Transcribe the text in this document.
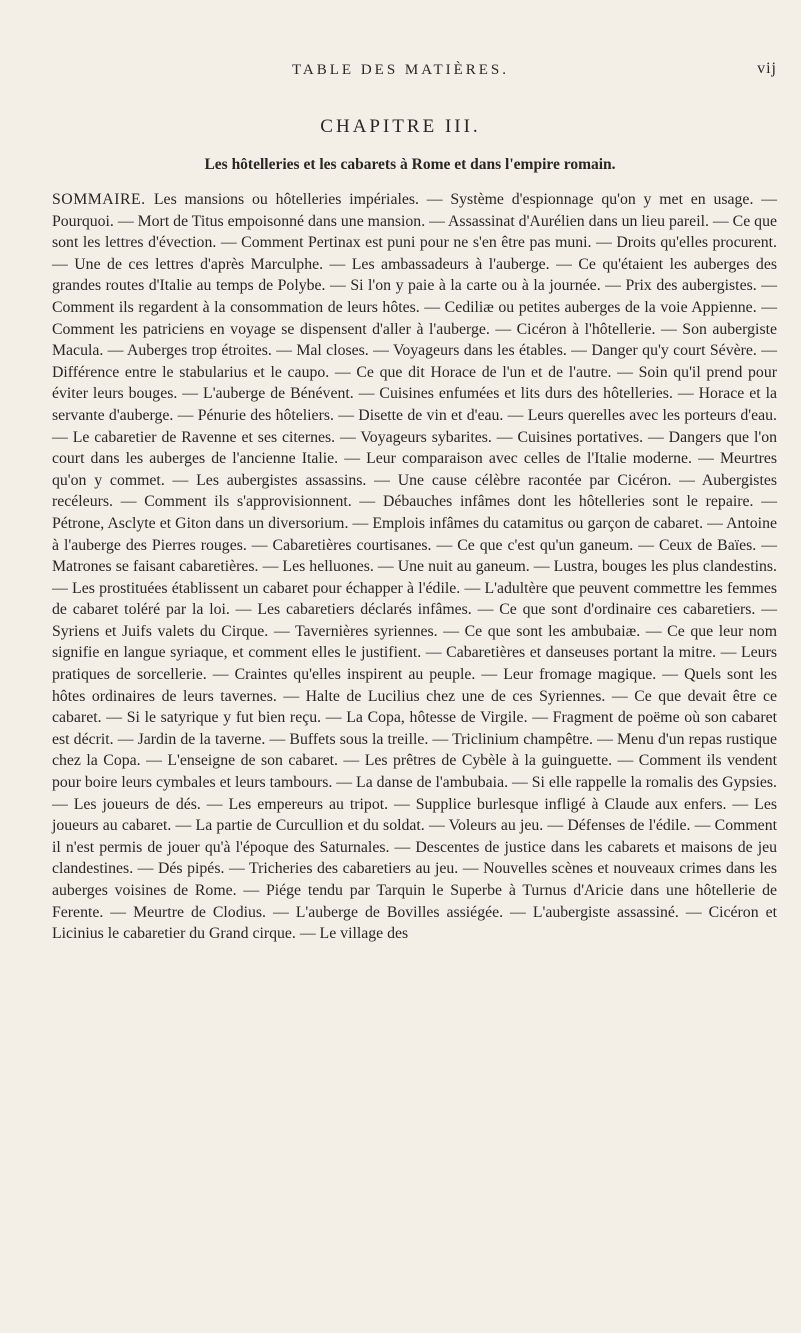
TABLE DES MATIÈRES.	vij
CHAPITRE III.
Les hôtelleries et les cabarets à Rome et dans l'empire romain.
SOMMAIRE. Les mansions ou hôtelleries impériales. — Système d'espionnage qu'on y met en usage. — Pourquoi. — Mort de Titus empoisonné dans une mansion. — Assassinat d'Aurélien dans un lieu pareil. — Ce que sont les lettres d'évection. — Comment Pertinax est puni pour ne s'en être pas muni. — Droits qu'elles procurent. — Une de ces lettres d'après Marculphe. — Les ambassadeurs à l'auberge. — Ce qu'étaient les auberges des grandes routes d'Italie au temps de Polybe. — Si l'on y paie à la carte ou à la journée. — Prix des aubergistes. — Comment ils regardent à la consommation de leurs hôtes. — Cediliæ ou petites auberges de la voie Appienne. — Comment les patriciens en voyage se dispensent d'aller à l'auberge. — Cicéron à l'hôtellerie. — Son aubergiste Macula. — Auberges trop étroites. — Mal closes. — Voyageurs dans les étables. — Danger qu'y court Sévère. — Différence entre le stabularius et le caupo. — Ce que dit Horace de l'un et de l'autre. — Soin qu'il prend pour éviter leurs bouges. — L'auberge de Bénévent. — Cuisines enfumées et lits durs des hôtelleries. — Horace et la servante d'auberge. — Pénurie des hôteliers. — Disette de vin et d'eau. — Leurs querelles avec les porteurs d'eau. — Le cabaretier de Ravenne et ses citernes. — Voyageurs sybarites. — Cuisines portatives. — Dangers que l'on court dans les auberges de l'ancienne Italie. — Leur comparaison avec celles de l'Italie moderne. — Meurtres qu'on y commet. — Les aubergistes assassins. — Une cause célèbre racontée par Cicéron. — Aubergistes recéleurs. — Comment ils s'approvisionnent. — Débauches infâmes dont les hôtelleries sont le repaire. — Pétrone, Asclyte et Giton dans un diversorium. — Emplois infâmes du catamitus ou garçon de cabaret. — Antoine à l'auberge des Pierres rouges. — Cabaretières courtisanes. — Ce que c'est qu'un ganeum. — Ceux de Baïes. — Matrones se faisant cabaretières. — Les helluones. — Une nuit au ganeum. — Lustra, bouges les plus clandestins. — Les prostituées établissent un cabaret pour échapper à l'édile. — L'adultère que peuvent commettre les femmes de cabaret toléré par la loi. — Les cabaretiers déclarés infâmes. — Ce que sont d'ordinaire ces cabaretiers. — Syriens et Juifs valets du Cirque. — Tavernières syriennes. — Ce que sont les ambubaiæ. — Ce que leur nom signifie en langue syriaque, et comment elles le justifient. — Cabaretières et danseuses portant la mitre. — Leurs pratiques de sorcellerie. — Craintes qu'elles inspirent au peuple. — Leur fromage magique. — Quels sont les hôtes ordinaires de leurs tavernes. — Halte de Lucilius chez une de ces Syriennes. — Ce que devait être ce cabaret. — Si le satyrique y fut bien reçu. — La Copa, hôtesse de Virgile. — Fragment de poëme où son cabaret est décrit. — Jardin de la taverne. — Buffets sous la treille. — Triclinium champêtre. — Menu d'un repas rustique chez la Copa. — L'enseigne de son cabaret. — Les prêtres de Cybèle à la guinguette. — Comment ils vendent pour boire leurs cymbales et leurs tambours. — La danse de l'ambubaia. — Si elle rappelle la romalis des Gypsies. — Les joueurs de dés. — Les empereurs au tripot. — Supplice burlesque infligé à Claude aux enfers. — Les joueurs au cabaret. — La partie de Curcullion et du soldat. — Voleurs au jeu. — Défenses de l'édile. — Comment il n'est permis de jouer qu'à l'époque des Saturnales. — Descentes de justice dans les cabarets et maisons de jeu clandestines. — Dés pipés. — Tricheries des cabaretiers au jeu. — Nouvelles scènes et nouveaux crimes dans les auberges voisines de Rome. — Piége tendu par Tarquin le Superbe à Turnus d'Aricie dans une hôtellerie de Ferente. — Meurtre de Clodius. — L'auberge de Bovilles assiégée. — L'aubergiste assassiné. — Cicéron et Licinius le cabaretier du Grand cirque. — Le village des
